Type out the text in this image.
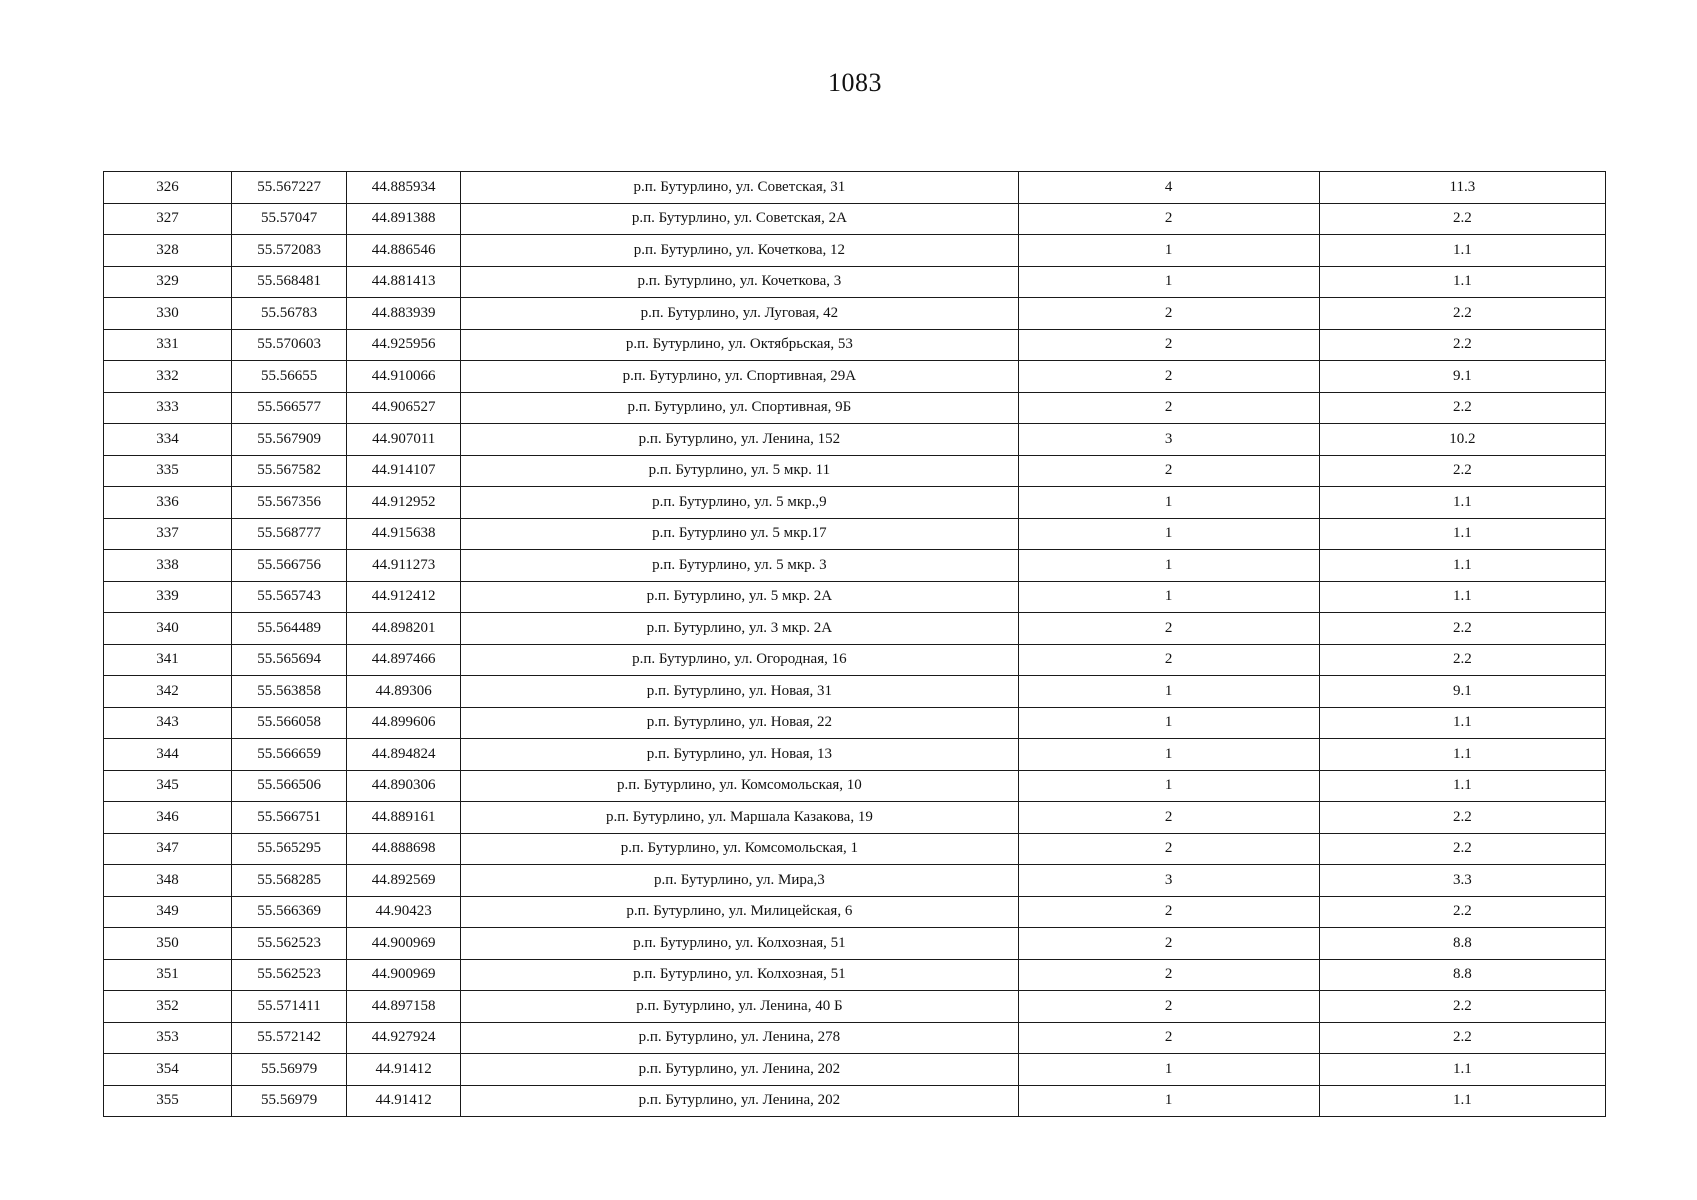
1083
326	55.567227	44.885934	р.п. Бутурлино, ул. Советская, 31	4	11.3
327	55.57047	44.891388	р.п. Бутурлино, ул. Советская, 2А	2	2.2
328	55.572083	44.886546	р.п. Бутурлино, ул. Кочеткова, 12	1	1.1
329	55.568481	44.881413	р.п. Бутурлино, ул. Кочеткова, 3	1	1.1
330	55.56783	44.883939	р.п. Бутурлино, ул. Луговая, 42	2	2.2
331	55.570603	44.925956	р.п. Бутурлино, ул. Октябрьская, 53	2	2.2
332	55.56655	44.910066	р.п. Бутурлино, ул. Спортивная, 29А	2	9.1
333	55.566577	44.906527	р.п. Бутурлино, ул. Спортивная, 9Б	2	2.2
334	55.567909	44.907011	р.п. Бутурлино, ул. Ленина, 152	3	10.2
335	55.567582	44.914107	р.п. Бутурлино, ул. 5 мкр. 11	2	2.2
336	55.567356	44.912952	р.п. Бутурлино, ул. 5 мкр.,9	1	1.1
337	55.568777	44.915638	р.п. Бутурлино ул. 5 мкр.17	1	1.1
338	55.566756	44.911273	р.п. Бутурлино, ул. 5 мкр. 3	1	1.1
339	55.565743	44.912412	р.п. Бутурлино, ул. 5 мкр. 2А	1	1.1
340	55.564489	44.898201	р.п. Бутурлино, ул. 3 мкр. 2А	2	2.2
341	55.565694	44.897466	р.п. Бутурлино, ул. Огородная, 16	2	2.2
342	55.563858	44.89306	р.п. Бутурлино, ул. Новая, 31	1	9.1
343	55.566058	44.899606	р.п. Бутурлино, ул. Новая, 22	1	1.1
344	55.566659	44.894824	р.п. Бутурлино, ул. Новая, 13	1	1.1
345	55.566506	44.890306	р.п. Бутурлино, ул. Комсомольская, 10	1	1.1
346	55.566751	44.889161	р.п. Бутурлино, ул. Маршала Казакова, 19	2	2.2
347	55.565295	44.888698	р.п. Бутурлино, ул. Комсомольская, 1	2	2.2
348	55.568285	44.892569	р.п. Бутурлино, ул. Мира,3	3	3.3
349	55.566369	44.90423	р.п. Бутурлино, ул. Милицейская, 6	2	2.2
350	55.562523	44.900969	р.п. Бутурлино, ул. Колхозная, 51	2	8.8
351	55.562523	44.900969	р.п. Бутурлино, ул. Колхозная, 51	2	8.8
352	55.571411	44.897158	р.п. Бутурлино, ул. Ленина, 40 Б	2	2.2
353	55.572142	44.927924	р.п. Бутурлино, ул. Ленина, 278	2	2.2
354	55.56979	44.91412	р.п. Бутурлино, ул. Ленина, 202	1	1.1
355	55.56979	44.91412	р.п. Бутурлино, ул. Ленина, 202	1	1.1
